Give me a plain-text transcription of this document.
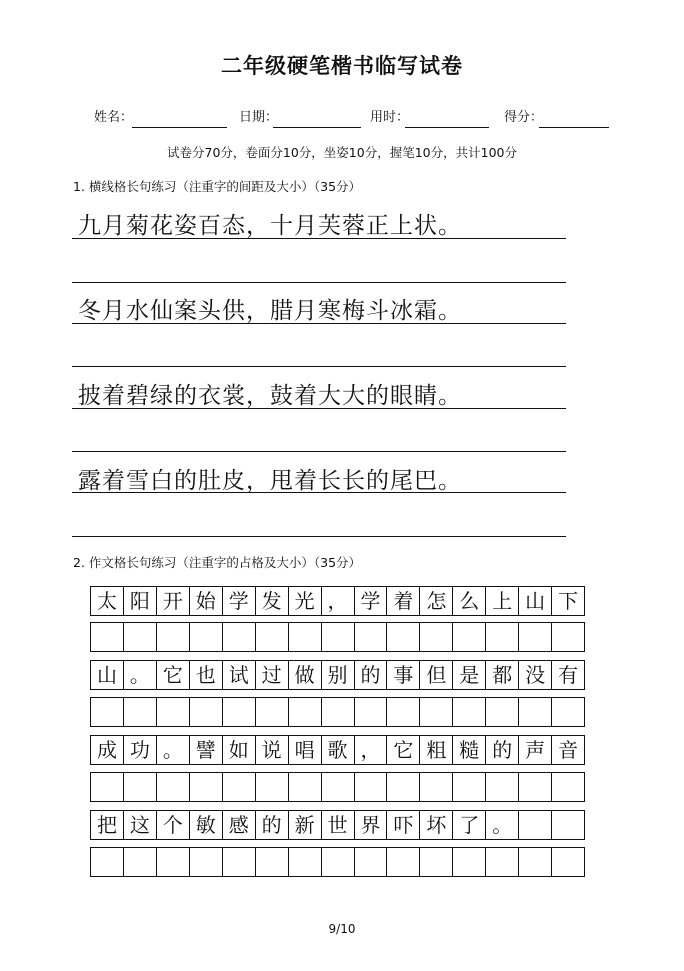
二年级硬笔楷书临写试卷
姓名：	日期：	用时：	得分：
试卷分70分，卷面分10分，坐姿10分，握笔10分，共计100分
1. 横线格长句练习（注重字的间距及大小）（35分）
九月菊花姿百态，十月芙蓉正上状。
冬月水仙案头供，腊月寒梅斗冰霜。
披着碧绿的衣裳，鼓着大大的眼睛。
露着雪白的肚皮，甩着长长的尾巴。
2. 作文格长句练习（注重字的占格及大小）（35分）
太 阳 开 始 学 发 光 ， 学 着 怎 么 上 山 下
山 。 它 也 试 过 做 别 的 事 但 是 都 没 有
成 功 。 譬 如 说 唱 歌 ， 它 粗 糙 的 声 音
把 这 个 敏 感 的 新 世 界 吓 坏 了 。
9/10
